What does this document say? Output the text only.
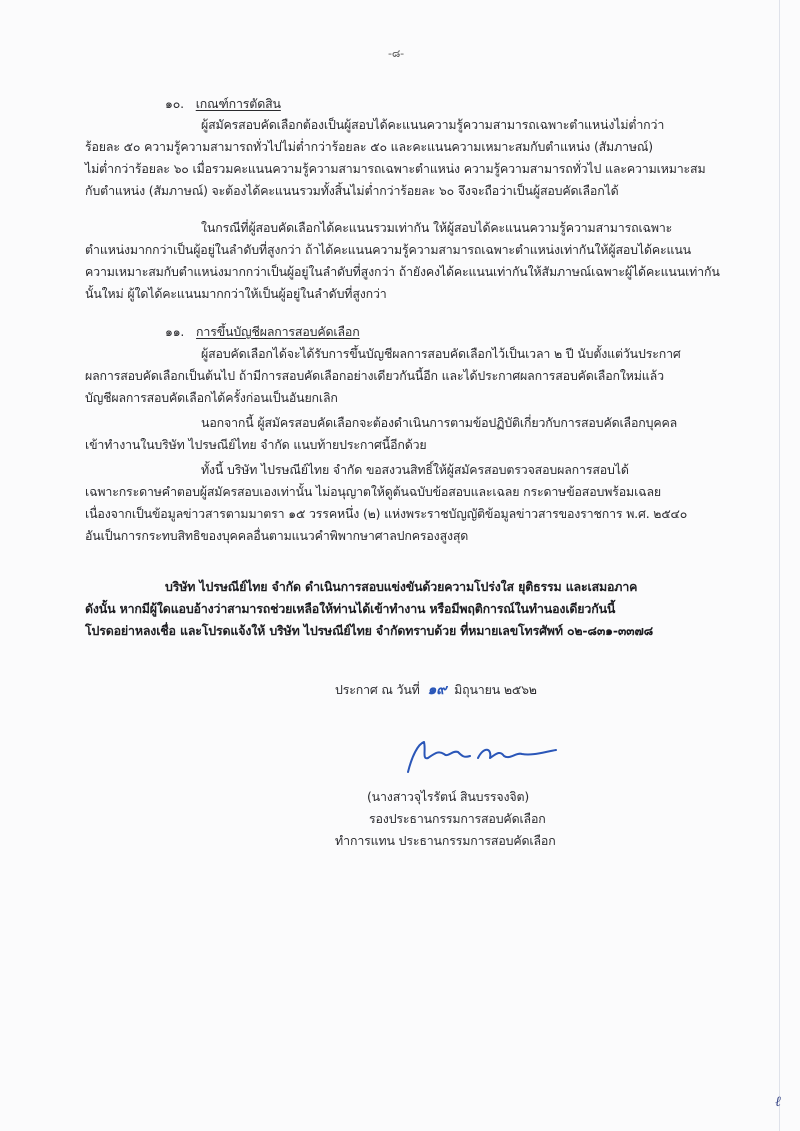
-๘-
๑๐. เกณฑ์การตัดสิน
ผู้สมัครสอบคัดเลือกต้องเป็นผู้สอบได้คะแนนความรู้ความสามารถเฉพาะตำแหน่งไม่ต่ำกว่า
ร้อยละ ๕๐ ความรู้ความสามารถทั่วไปไม่ต่ำกว่าร้อยละ ๕๐ และคะแนนความเหมาะสมกับตำแหน่ง (สัมภาษณ์)
ไม่ต่ำกว่าร้อยละ ๖๐ เมื่อรวมคะแนนความรู้ความสามารถเฉพาะตำแหน่ง ความรู้ความสามารถทั่วไป และความเหมาะสม
กับตำแหน่ง (สัมภาษณ์) จะต้องได้คะแนนรวมทั้งสิ้นไม่ต่ำกว่าร้อยละ ๖๐ จึงจะถือว่าเป็นผู้สอบคัดเลือกได้
ในกรณีที่ผู้สอบคัดเลือกได้คะแนนรวมเท่ากัน ให้ผู้สอบได้คะแนนความรู้ความสามารถเฉพาะ
ตำแหน่งมากกว่าเป็นผู้อยู่ในลำดับที่สูงกว่า ถ้าได้คะแนนความรู้ความสามารถเฉพาะตำแหน่งเท่ากันให้ผู้สอบได้คะแนน
ความเหมาะสมกับตำแหน่งมากกว่าเป็นผู้อยู่ในลำดับที่สูงกว่า ถ้ายังคงได้คะแนนเท่ากันให้สัมภาษณ์เฉพาะผู้ได้คะแนนเท่ากัน
นั้นใหม่ ผู้ใดได้คะแนนมากกว่าให้เป็นผู้อยู่ในลำดับที่สูงกว่า
๑๑. การขึ้นบัญชีผลการสอบคัดเลือก
ผู้สอบคัดเลือกได้จะได้รับการขึ้นบัญชีผลการสอบคัดเลือกไว้เป็นเวลา ๒ ปี นับตั้งแต่วันประกาศ
ผลการสอบคัดเลือกเป็นต้นไป ถ้ามีการสอบคัดเลือกอย่างเดียวกันนี้อีก และได้ประกาศผลการสอบคัดเลือกใหม่แล้ว
บัญชีผลการสอบคัดเลือกได้ครั้งก่อนเป็นอันยกเลิก
นอกจากนี้ ผู้สมัครสอบคัดเลือกจะต้องดำเนินการตามข้อปฏิบัติเกี่ยวกับการสอบคัดเลือกบุคคล
เข้าทำงานในบริษัท ไปรษณีย์ไทย จำกัด แนบท้ายประกาศนี้อีกด้วย
ทั้งนี้ บริษัท ไปรษณีย์ไทย จำกัด ขอสงวนสิทธิ์ให้ผู้สมัครสอบตรวจสอบผลการสอบได้
เฉพาะกระดาษคำตอบผู้สมัครสอบเองเท่านั้น ไม่อนุญาตให้ดูต้นฉบับข้อสอบและเฉลย กระดาษข้อสอบพร้อมเฉลย
เนื่องจากเป็นข้อมูลข่าวสารตามมาตรา ๑๕ วรรคหนึ่ง (๒) แห่งพระราชบัญญัติข้อมูลข่าวสารของราชการ พ.ศ. ๒๕๔๐
อันเป็นการกระทบสิทธิของบุคคลอื่นตามแนวคำพิพากษาศาลปกครองสูงสุด
บริษัท ไปรษณีย์ไทย จำกัด ดำเนินการสอบแข่งขันด้วยความโปร่งใส ยุติธรรม และเสมอภาค
ดังนั้น หากมีผู้ใดแอบอ้างว่าสามารถช่วยเหลือให้ท่านได้เข้าทำงาน หรือมีพฤติการณ์ในทำนองเดียวกันนี้
โปรดอย่าหลงเชื่อ และโปรดแจ้งให้ บริษัท ไปรษณีย์ไทย จำกัดทราบด้วย ที่หมายเลขโทรศัพท์ ๐๒-๘๓๑-๓๓๗๘
ประกาศ ณ วันที่ ๑๙ มิถุนายน ๒๕๖๒
(นางสาวจุไรรัตน์ สินบรรจงจิต)
รองประธานกรรมการสอบคัดเลือก
ทำการแทน ประธานกรรมการสอบคัดเลือก
ℓ
